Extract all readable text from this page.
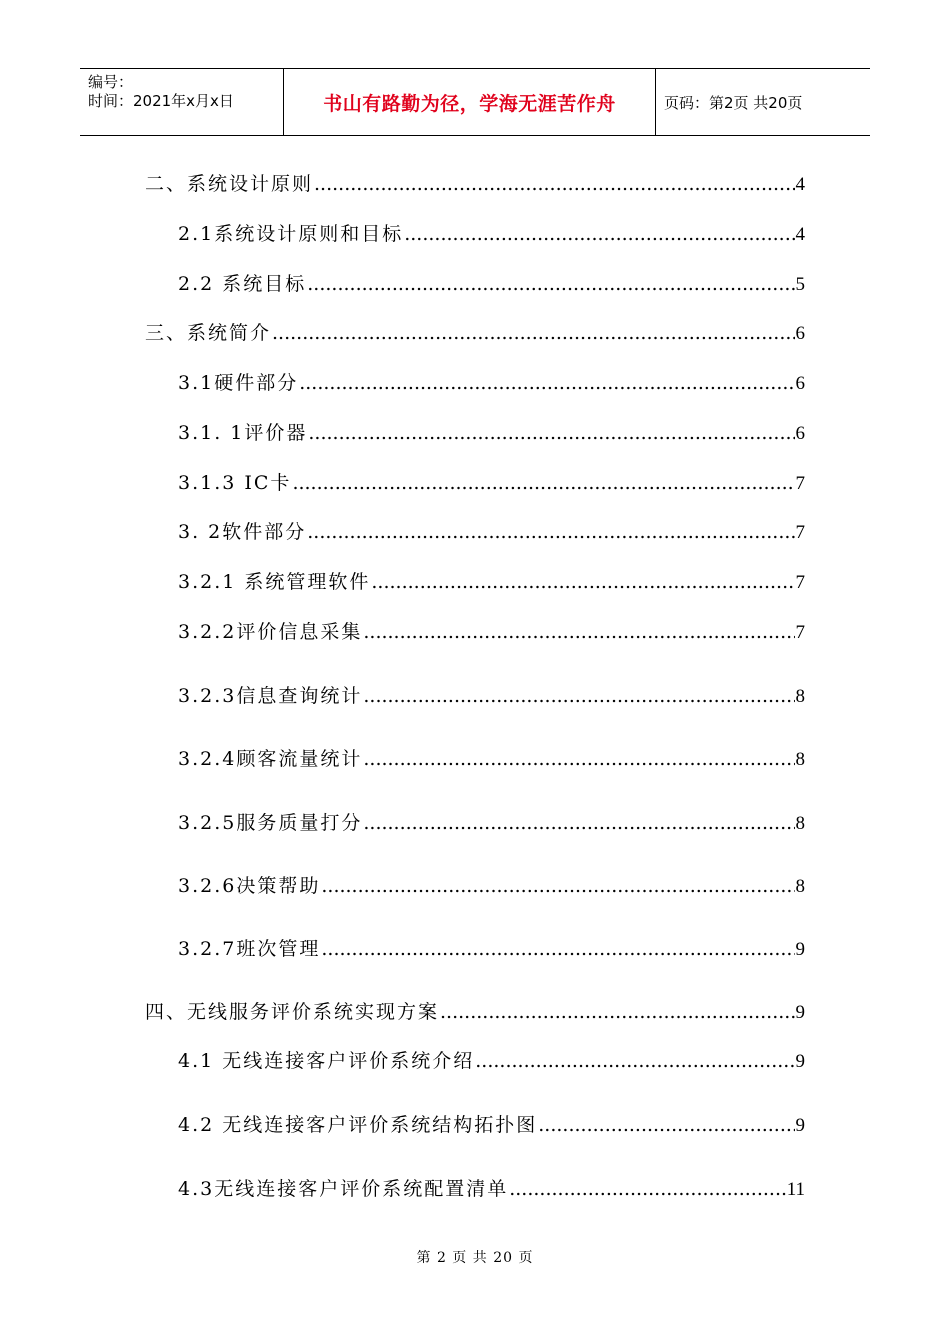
编号：
时间：2021年x月x日	书山有路勤为径，学海无涯苦作舟	页码：第2页 共20页
二、系统设计原则 .....	4
2.1系统设计原则和目标 .....	4
2.2 系统目标 .....	5
三、系统简介 .....	6
3.1硬件部分 .....	6
3.1. 1评价器 .....	6
3.1.3 IC卡 .....	7
3. 2软件部分 .....	7
3.2.1 系统管理软件 .....	7
3.2.2评价信息采集 .....	7
3.2.3信息查询统计 .....	8
3.2.4顾客流量统计 .....	8
3.2.5服务质量打分 .....	8
3.2.6决策帮助 .....	8
3.2.7班次管理 .....	9
四、无线服务评价系统实现方案 .....	9
4.1 无线连接客户评价系统介绍 .....	9
4.2 无线连接客户评价系统结构拓扑图 .....	9
4.3无线连接客户评价系统配置清单 .....	11
第 2 页 共 20 页
